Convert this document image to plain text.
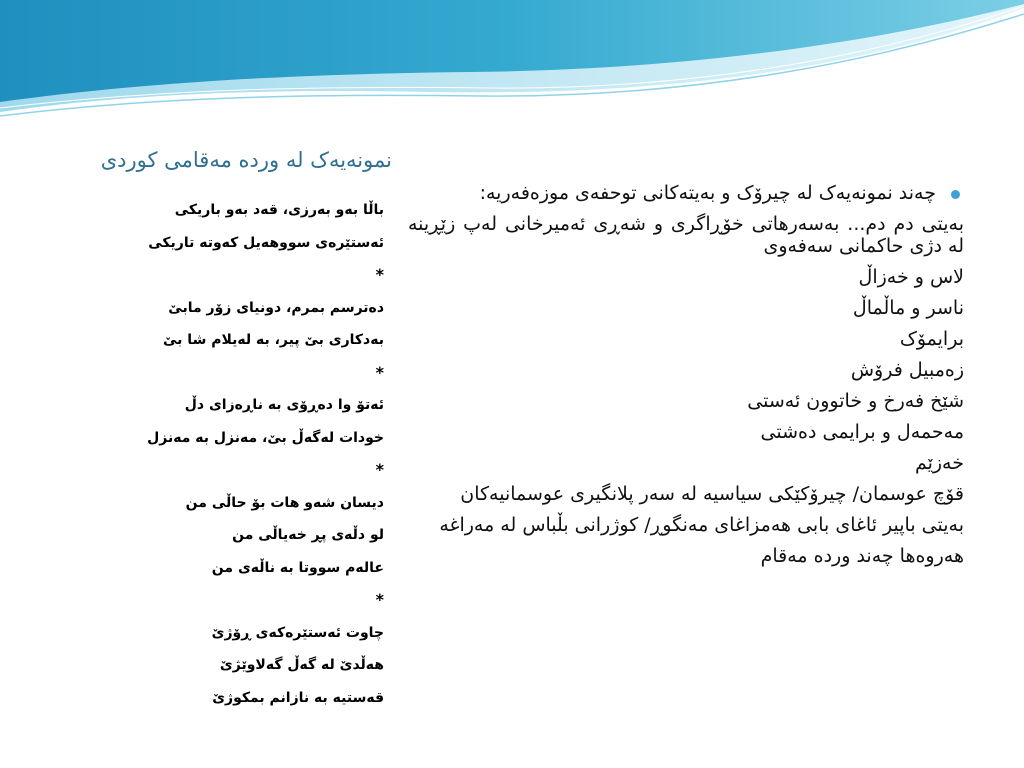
نمونەیەک لە وردە مەقامی کوردی
باڵا بەو بەرزی، قەد بەو باریکی
ئەستێرەی سووھەیل کەوتە تاریکی
*
دەترسم بمرم، دونیای زۆر مابێ
بەدکاری بێ پیر، بە لەیلام شا بێ
*
ئەتۆ وا دەڕۆی بە ناڕەزای دڵ
خودات لەگەڵ بێ، مەنزل بە مەنزل
*
دیسان شەو ھات بۆ حاڵی من
لو دڵەی پڕ خەیاڵی من
عالەم سووتا بە ناڵەی من
*
چاوت ئەستێرەکەی ڕۆژێ
ھەڵدێ لە گەڵ گەلاوێژێ
قەستیە بە نازانم بمکوژێ
چەند نمونەیەک لە چیرۆک و بەیتەکانی توحفەی موزەفەریە:
بەیتی دم دم... بەسەرھاتی خۆڕاگری و شەڕی ئەمیرخانی لەپ زێڕینە لە دژی حاکمانی سەفەوی
لاس و خەزاڵ
ناسر و ماڵماڵ
برایمۆک
زەمبیل فرۆش
شێخ فەرخ و خاتوون ئەستی
مەحمەل و برایمی دەشتی
خەزێم
قۆچ عوسمان/ چیرۆکێکی سیاسیە لە سەر پلانگیری عوسمانیەکان
بەیتی باپیر ئاغای بابی ھەمزاغای مەنگوڕ/ کوژرانی بڵباس لە مەراغە
ھەروەھا چەند وردە مەقام
